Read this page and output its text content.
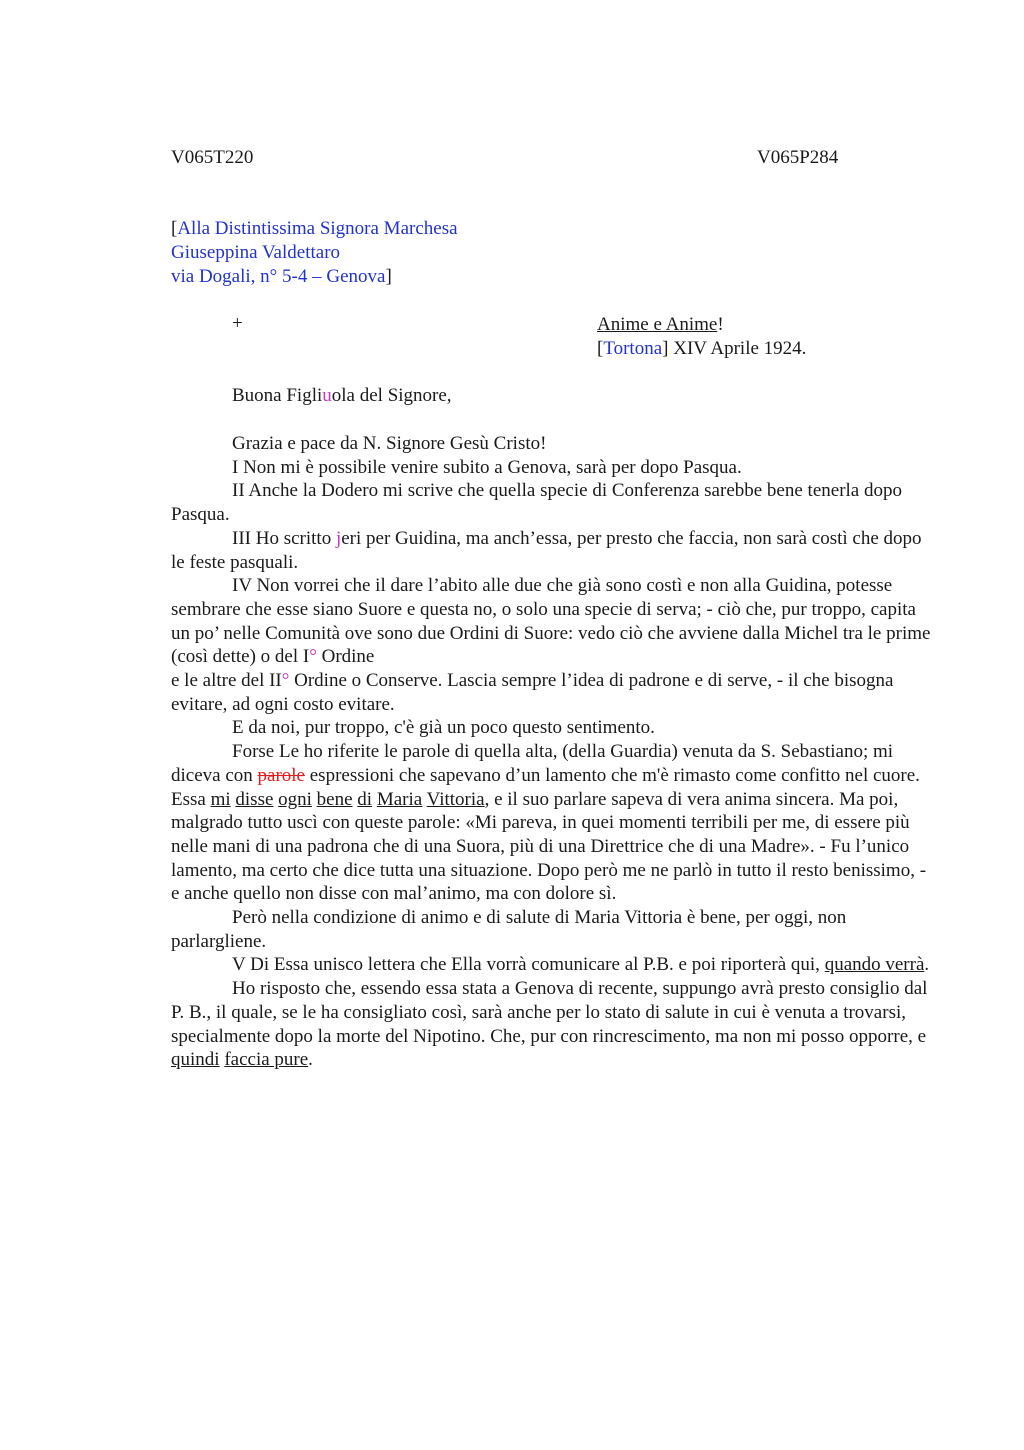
V065T220	V065P284
[Alla Distintissima Signora Marchesa
Giuseppina Valdettaro
via Dogali, n° 5-4 – Genova]
+	Anime e Anime!
[Tortona] XIV Aprile 1924.
Buona Figliuola del Signore,

Grazia e pace da N. Signore Gesù Cristo!

I Non mi è possibile venire subito a Genova, sarà per dopo Pasqua.

II Anche la Dodero mi scrive che quella specie di Conferenza sarebbe bene tenerla dopo Pasqua.

III Ho scritto jeri per Guidina, ma anch’essa, per presto che faccia, non sarà costì che dopo le feste pasquali.

IV Non vorrei che il dare l’abito alle due che già sono costì e non alla Guidina, potesse sembrare che esse siano Suore e questa no, o solo una specie di serva; - ciò che, pur troppo, capita un po’ nelle Comunità ove sono due Ordini di Suore: vedo ciò che avviene dalla Michel tra le prime (così dette) o del I° Ordine

e le altre del II° Ordine o Conserve. Lascia sempre l’idea di padrone e di serve, - il che bisogna evitare, ad ogni costo evitare.

E da noi, pur troppo, c'è già un poco questo sentimento.

Forse Le ho riferite le parole di quella alta, (della Guardia) venuta da S. Sebastiano; mi diceva con parole espressioni che sapevano d’un lamento che m'è rimasto come confitto nel cuore. Essa mi disse ogni bene di Maria Vittoria, e il suo parlare sapeva di vera anima sincera. Ma poi, malgrado tutto uscì con queste parole: «Mi pareva, in quei momenti terribili per me, di essere più nelle mani di una padrona che di una Suora, più di una Direttrice che di una Madre». - Fu l’unico lamento, ma certo che dice tutta una situazione. Dopo però me ne parlò in tutto il resto benissimo, - e anche quello non disse con mal’animo, ma con dolore sì.

Però nella condizione di animo e di salute di Maria Vittoria è bene, per oggi, non parlargliene.

V Di Essa unisco lettera che Ella vorrà comunicare al P.B. e poi riporterà qui, quando verrà.

Ho risposto che, essendo essa stata a Genova di recente, suppungo avrà presto consiglio dal P. B., il quale, se le ha consigliato così, sarà anche per lo stato di salute in cui è venuta a trovarsi, specialmente dopo la morte del Nipotino. Che, pur con rincrescimento, ma non mi posso opporre, e quindi faccia pure.
